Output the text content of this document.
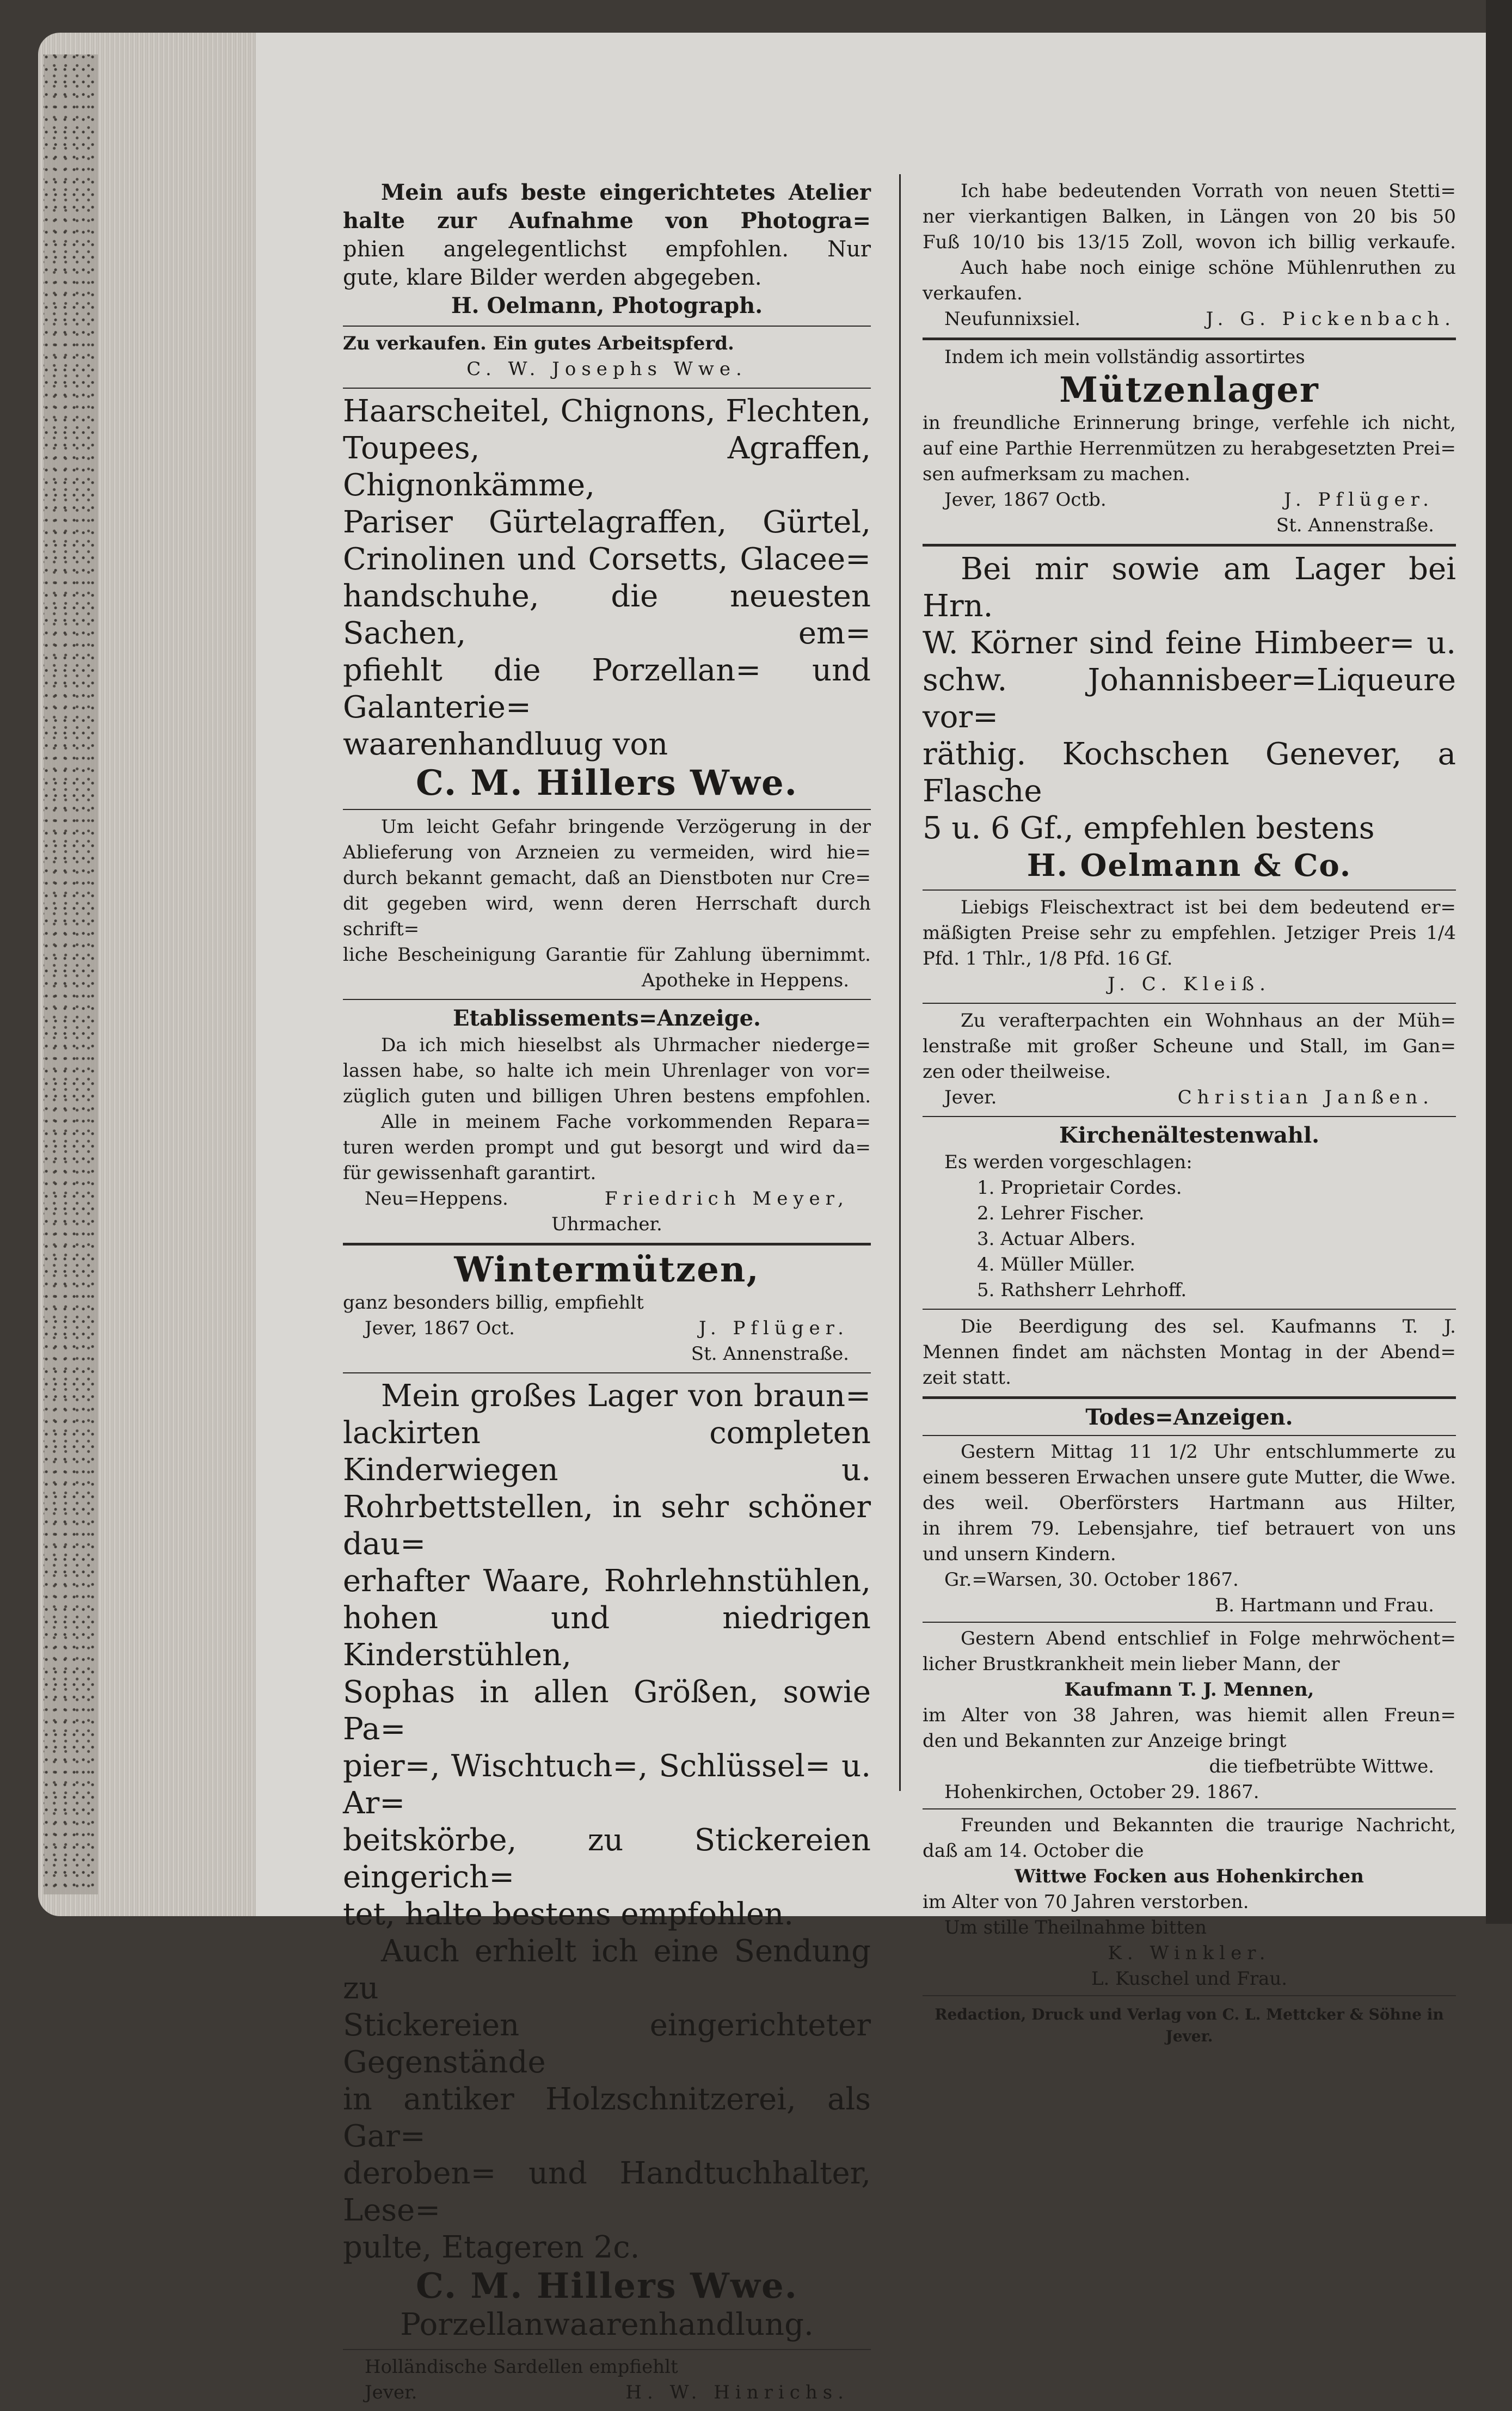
Mein aufs beste eingerichtetes Atelier
halte zur Aufnahme von Photogra=
phien angelegentlichst empfohlen. Nur
gute, klare Bilder werden abgegeben.
H. Oelmann, Photograph.
Zu verkaufen. Ein gutes Arbeitspferd.
C. W. Josephs Wwe.
Haarscheitel, Chignons, Flechten,
Toupees, Agraffen, Chignonkämme,
Pariser Gürtelagraffen, Gürtel,
Crinolinen und Corsetts, Glacee=
handschuhe, die neuesten Sachen, em=
pfiehlt die Porzellan= und Galanterie=
waarenhandluug von
C. M. Hillers Wwe.
Um leicht Gefahr bringende Verzögerung in der
Ablieferung von Arzneien zu vermeiden, wird hie=
durch bekannt gemacht, daß an Dienstboten nur Cre=
dit gegeben wird, wenn deren Herrschaft durch schrift=
liche Bescheinigung Garantie für Zahlung übernimmt.
Apotheke in Heppens.
Etablissements=Anzeige.
Da ich mich hieselbst als Uhrmacher niederge=
lassen habe, so halte ich mein Uhrenlager von vor=
züglich guten und billigen Uhren bestens empfohlen.
Alle in meinem Fache vorkommenden Repara=
turen werden prompt und gut besorgt und wird da=
für gewissenhaft garantirt.
Neu=Heppens.	Friedrich Meyer,
Uhrmacher.
Wintermützen,
ganz besonders billig, empfiehlt
Jever, 1867 Oct.	J. Pflüger.
St. Annenstraße.
Mein großes Lager von braun=
lackirten completen Kinderwiegen u.
Rohrbettstellen, in sehr schöner dau=
erhafter Waare, Rohrlehnstühlen,
hohen und niedrigen Kinderstühlen,
Sophas in allen Größen, sowie Pa=
pier=, Wischtuch=, Schlüssel= u. Ar=
beitskörbe, zu Stickereien eingerich=
tet, halte bestens empfohlen.
Auch erhielt ich eine Sendung zu
Stickereien eingerichteter Gegenstände
in antiker Holzschnitzerei, als Gar=
deroben= und Handtuchhalter, Lese=
pulte, Etageren 2c.
C. M. Hillers Wwe.
Porzellanwaarenhandlung.
Holländische Sardellen empfiehlt
Jever.	H. W. Hinrichs.
Ich habe bedeutenden Vorrath von neuen Stetti=
ner vierkantigen Balken, in Längen von 20 bis 50
Fuß 10/10 bis 13/15 Zoll, wovon ich billig verkaufe.
Auch habe noch einige schöne Mühlenruthen zu
verkaufen.
Neufunnixsiel.	J. G. Pickenbach.
Indem ich mein vollständig assortirtes
Mützenlager
in freundliche Erinnerung bringe, verfehle ich nicht,
auf eine Parthie Herrenmützen zu herabgesetzten Prei=
sen aufmerksam zu machen.
Jever, 1867 Octb.	J. Pflüger.
St. Annenstraße.
Bei mir sowie am Lager bei Hrn.
W. Körner sind feine Himbeer= u.
schw. Johannisbeer=Liqueure vor=
räthig. Kochschen Genever, a Flasche
5 u. 6 Gf., empfehlen bestens
H. Oelmann & Co.
Liebigs Fleischextract ist bei dem bedeutend er=
mäßigten Preise sehr zu empfehlen. Jetziger Preis 1/4
Pfd. 1 Thlr., 1/8 Pfd. 16 Gf.
J. C. Kleiß.
Zu verafterpachten ein Wohnhaus an der Müh=
lenstraße mit großer Scheune und Stall, im Gan=
zen oder theilweise.
Jever.	Christian Janßen.
Kirchenältestenwahl.
Es werden vorgeschlagen:
1. Proprietair Cordes.
2. Lehrer Fischer.
3. Actuar Albers.
4. Müller Müller.
5. Rathsherr Lehrhoff.
Die Beerdigung des sel. Kaufmanns T. J.
Mennen findet am nächsten Montag in der Abend=
zeit statt.
Todes=Anzeigen.
Gestern Mittag 11 1/2 Uhr entschlummerte zu
einem besseren Erwachen unsere gute Mutter, die Wwe.
des weil. Oberförsters Hartmann aus Hilter,
in ihrem 79. Lebensjahre, tief betrauert von uns
und unsern Kindern.
Gr.=Warsen, 30. October 1867.
B. Hartmann und Frau.
Gestern Abend entschlief in Folge mehrwöchent=
licher Brustkrankheit mein lieber Mann, der
Kaufmann T. J. Mennen,
im Alter von 38 Jahren, was hiemit allen Freun=
den und Bekannten zur Anzeige bringt
die tiefbetrübte Wittwe.
Hohenkirchen, October 29. 1867.
Freunden und Bekannten die traurige Nachricht,
daß am 14. October die
Wittwe Focken aus Hohenkirchen
im Alter von 70 Jahren verstorben.
Um stille Theilnahme bitten
K. Winkler.
L. Kuschel und Frau.
Redaction, Druck und Verlag von C. L. Mettcker & Söhne in Jever.
